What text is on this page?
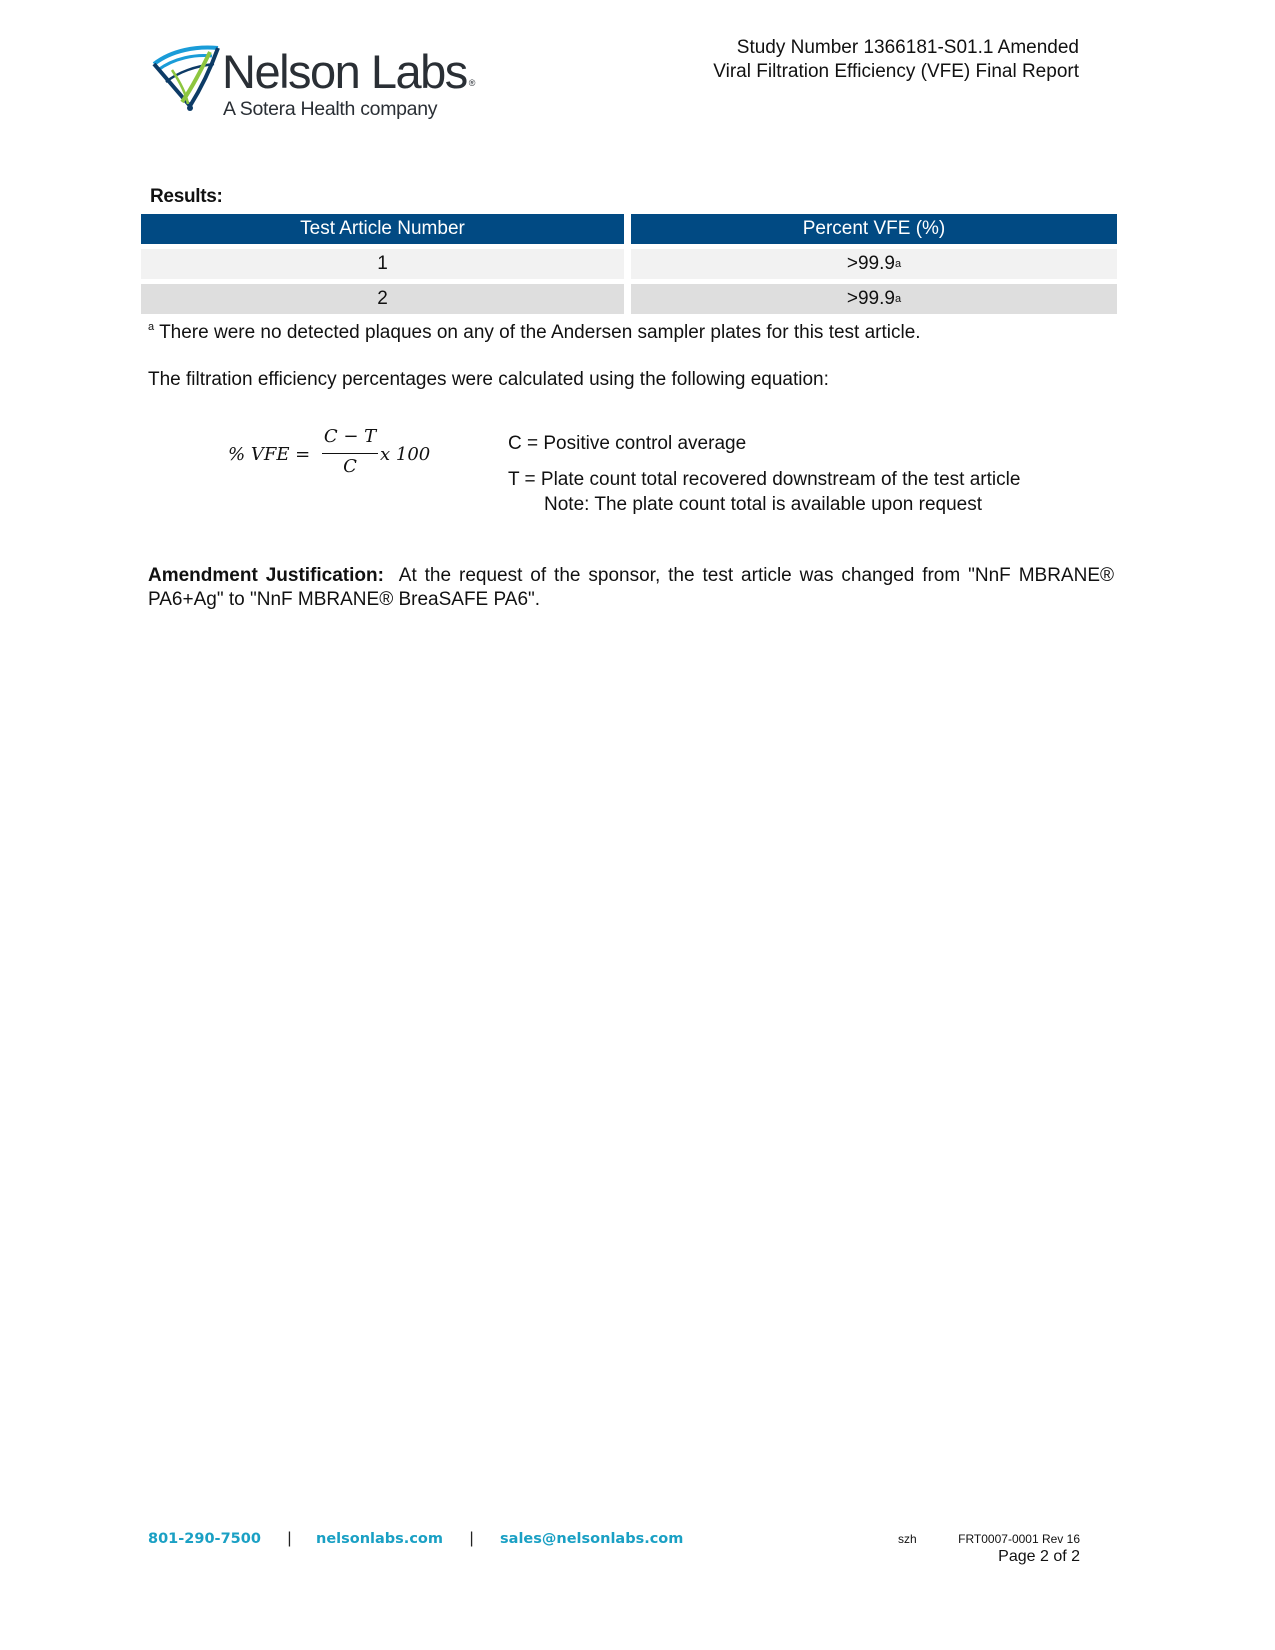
Nelson Labs ®
A Sotera Health company
Study Number 1366181-S01.1 Amended
Viral Filtration Efficiency (VFE) Final Report
Results:
Test Article Number	Percent VFE (%)
1	>99.9 a
2	>99.9 a
$^a$ There were no detected plaques on any of the Andersen sampler plates for this test article.
The filtration efficiency percentages were calculated using the following equation:
% VFE =
C − T
C
x 100
C = Positive control average
T = Plate count total recovered downstream of the test article
Note: The plate count total is available upon request
Amendment Justification: At the request of the sponsor, the test article was changed from "NnF MBRANE® PA6+Ag" to "NnF MBRANE® BreaSAFE PA6".
801-290-7500 | nelsonlabs.com | sales@nelsonlabs.com	szh	FRT0007-0001 Rev 16
Page 2 of 2
